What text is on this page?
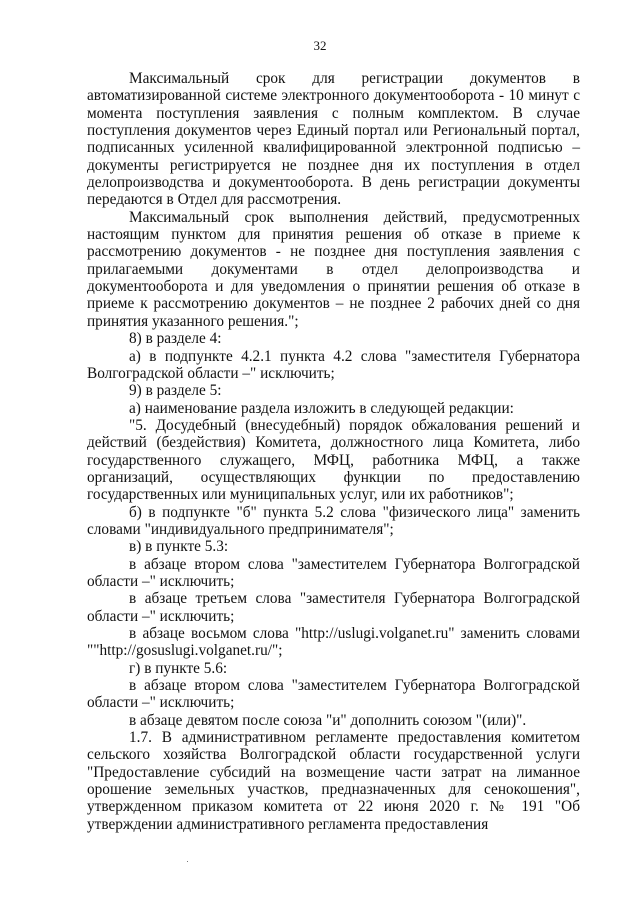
32

Максимальный срок для регистрации документов в автоматизированной системе электронного документооборота - 10 минут с момента поступления заявления с полным комплектом. В случае поступления документов через Единый портал или Региональный портал, подписанных усиленной квалифицированной электронной подписью – документы регистрируется не позднее дня их поступления в отдел делопроизводства и документооборота. В день регистрации документы передаются в Отдел для рассмотрения.

Максимальный срок выполнения действий, предусмотренных настоящим пунктом для принятия решения об отказе в приеме к рассмотрению документов - не позднее дня поступления заявления с прилагаемыми документами в отдел делопроизводства и документооборота и для уведомления о принятии решения об отказе в приеме к рассмотрению документов – не позднее 2 рабочих дней со дня принятия указанного решения.";

8) в разделе 4:

а) в подпункте 4.2.1 пункта 4.2 слова "заместителя Губернатора Волгоградской области –" исключить;

9) в разделе 5:

а) наименование раздела изложить в следующей редакции:

"5. Досудебный (внесудебный) порядок обжалования решений и действий (бездействия) Комитета, должностного лица Комитета, либо государственного служащего, МФЦ, работника МФЦ, а также организаций, осуществляющих функции по предоставлению государственных или муниципальных услуг, или их работников";

б) в подпункте "б" пункта 5.2 слова "физического лица" заменить словами "индивидуального предпринимателя";

в) в пункте 5.3:

в абзаце втором слова "заместителем Губернатора Волгоградской области –" исключить;

в абзаце третьем слова "заместителя Губернатора Волгоградской области –" исключить;

в абзаце восьмом слова "http://uslugi.volganet.ru" заменить словами ""http://gosuslugi.volganet.ru/";

г) в пункте 5.6:

в абзаце втором слова "заместителем Губернатора Волгоградской области –" исключить;

в абзаце девятом после союза "и" дополнить союзом "(или)".

1.7. В административном регламенте предоставления комитетом сельского хозяйства Волгоградской области государственной услуги "Предоставление субсидий на возмещение части затрат на лиманное орошение земельных участков, предназначенных для сенокошения", утвержденном приказом комитета от 22 июня 2020 г. № 191 "Об утверждении административного регламента предоставления
